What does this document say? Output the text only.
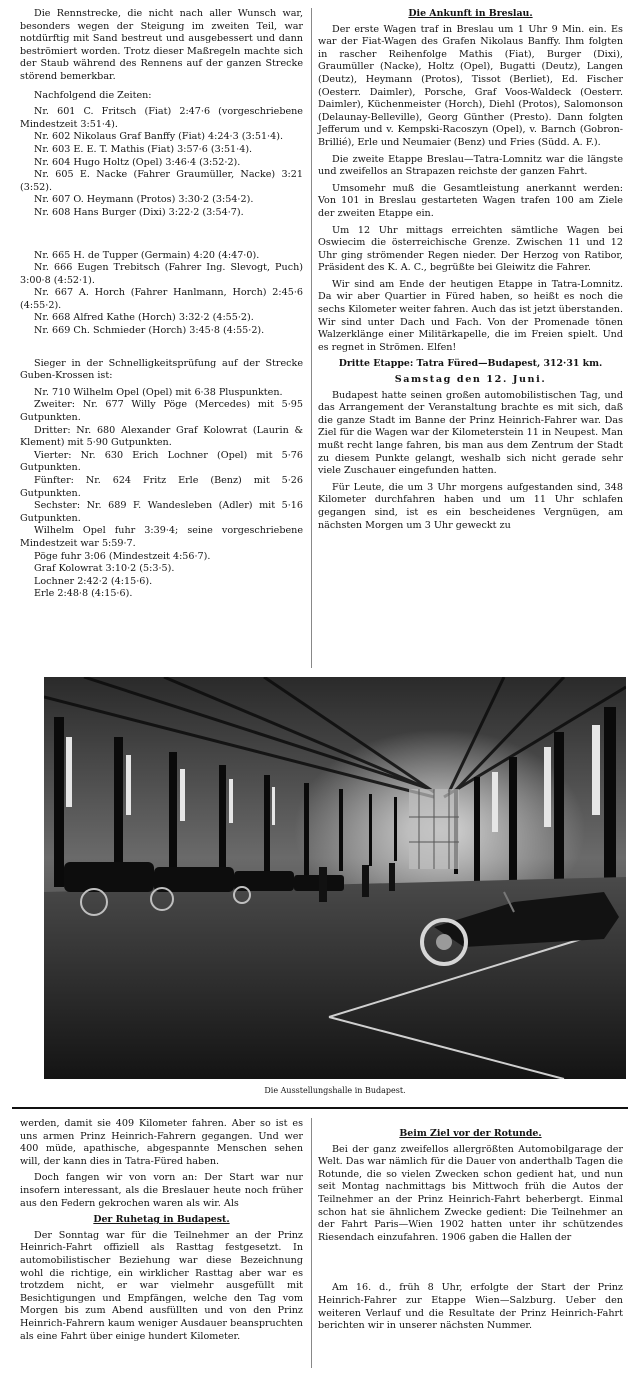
Die Rennstrecke, die nicht nach aller Wunsch war, besonders wegen der Steigung im zweiten Teil, war notdürftig mit Sand bestreut und ausgebessert und dann beströmiert worden. Trotz dieser Maßregeln machte sich der Staub während des Rennens auf der ganzen Strecke störend bemerkbar.

Nachfolgend die Zeiten:

Nr. 601 C. Fritsch (Fiat) 2:47·6 (vorgeschriebene Mindestzeit 3:51·4).

Nr. 602 Nikolaus Graf Banffy (Fiat) 4:24·3 (3:51·4).

Nr. 603 E. E. T. Mathis (Fiat) 3:57·6 (3:51·4).

Nr. 604 Hugo Holtz (Opel) 3:46·4 (3:52·2).

Nr. 605 E. Nacke (Fahrer Graumüller, Nacke) 3:21 (3:52).

Nr. 607 O. Heymann (Protos) 3:30·2 (3:54·2).

Nr. 608 Hans Burger (Dixi) 3:22·2 (3:54·7).

Nr. 665 H. de Tupper (Germain) 4:20 (4:47·0).

Nr. 666 Eugen Trebitsch (Fahrer Ing. Slevogt, Puch) 3:00·8 (4:52·1).

Nr. 667 A. Horch (Fahrer Hanlmann, Horch) 2:45·6 (4:55·2).

Nr. 668 Alfred Kathe (Horch) 3:32·2 (4:55·2).

Nr. 669 Ch. Schmieder (Horch) 3:45·8 (4:55·2).

Sieger in der Schnelligkeitsprüfung auf der Strecke Guben-Krossen ist:

Nr. 710 Wilhelm Opel (Opel) mit 6·38 Pluspunkten.

Zweiter: Nr. 677 Willy Pöge (Mercedes) mit 5·95 Gutpunkten.

Dritter: Nr. 680 Alexander Graf Kolowrat (Laurin & Klement) mit 5·90 Gutpunkten.

Vierter: Nr. 630 Erich Lochner (Opel) mit 5·76 Gutpunkten.

Fünfter: Nr. 624 Fritz Erle (Benz) mit 5·26 Gutpunkten.

Sechster: Nr. 689 F. Wandesleben (Adler) mit 5·16 Gutpunkten.

Wilhelm Opel fuhr 3:39·4; seine vorgeschriebene Mindestzeit war 5:59·7.

Pöge fuhr 3:06 (Mindestzeit 4:56·7).

Graf Kolowrat 3:10·2 (5:3·5).

Lochner 2:42·2 (4:15·6).

Erle 2:48·8 (4:15·6).

Die Ankunft in Breslau.

Der erste Wagen traf in Breslau um 1 Uhr 9 Min. ein. Es war der Fiat-Wagen des Grafen Nikolaus Banffy. Ihm folgten in rascher Reihenfolge Mathis (Fiat), Burger (Dixi), Graumüller (Nacke), Holtz (Opel), Bugatti (Deutz), Langen (Deutz), Heymann (Protos), Tissot (Berliet), Ed. Fischer (Oesterr. Daimler), Porsche, Graf Voos-Waldeck (Oesterr. Daimler), Küchenmeister (Horch), Diehl (Protos), Salomonson (Delaunay-Belleville), Georg Günther (Presto). Dann folgten Jefferum und v. Kempski-Racoszyn (Opel), v. Barnch (Gobron-Brillié), Erle und Neumaier (Benz) und Fries (Südd. A. F.).

Die zweite Etappe Breslau—Tatra-Lomnitz war die längste und zweifellos an Strapazen reichste der ganzen Fahrt.

Umsomehr muß die Gesamtleistung anerkannt werden: Von 101 in Breslau gestarteten Wagen trafen 100 am Ziele der zweiten Etappe ein.

Um 12 Uhr mittags erreichten sämtliche Wagen bei Oswiecim die österreichische Grenze. Zwischen 11 und 12 Uhr ging strömender Regen nieder. Der Herzog von Ratibor, Präsident des K. A. C., begrüßte bei Gleiwitz die Fahrer.

Wir sind am Ende der heutigen Etappe in Tatra-Lomnitz. Da wir aber Quartier in Füred haben, so heißt es noch die sechs Kilometer weiter fahren. Auch das ist jetzt überstanden. Wir sind unter Dach und Fach. Von der Promenade tönen Walzerklänge einer Militärkapelle, die im Freien spielt. Und es regnet in Strömen. Elfen!

Dritte Etappe: Tatra Füred—Budapest, 312·31 km.
Samstag den 12. Juni.

Budapest hatte seinen großen automobilistischen Tag, und das Arrangement der Veranstaltung brachte es mit sich, daß die ganze Stadt im Banne der Prinz Heinrich-Fahrer war. Das Ziel für die Wagen war der Kilometerstein 11 in Neupest. Man mußt recht lange fahren, bis man aus dem Zentrum der Stadt zu diesem Punkte gelangt, weshalb sich nicht gerade sehr viele Zuschauer eingefunden hatten.

Für Leute, die um 3 Uhr morgens aufgestanden sind, 348 Kilometer durchfahren haben und um 11 Uhr schlafen gegangen sind, ist es ein bescheidenes Vergnügen, am nächsten Morgen um 3 Uhr geweckt zu

Die Ausstellungshalle in Budapest.

werden, damit sie 409 Kilometer fahren. Aber so ist es uns armen Prinz Heinrich-Fahrern gegangen. Und wer 400 müde, apathische, abgespannte Menschen sehen will, der kann dies in Tatra-Füred haben.

Doch fangen wir von vorn an: Der Start war nur insofern interessant, als die Breslauer heute noch früher aus den Federn gekrochen waren als wir. Als

Der Ruhetag in Budapest.

Der Sonntag war für die Teilnehmer an der Prinz Heinrich-Fahrt offiziell als Rasttag festgesetzt. In automobilistischer Beziehung war diese Bezeichnung wohl die richtige, ein wirklicher Rasttag aber war es trotzdem nicht, er war vielmehr ausgefüllt mit Besichtigungen und Empfängen, welche den Tag vom Morgen bis zum Abend ausfüllten und von den Prinz Heinrich-Fahrern kaum weniger Ausdauer beanspruchten als eine Fahrt über einige hundert Kilometer.

Beim Ziel vor der Rotunde.

Bei der ganz zweifellos allergrößten Automobilgarage der Welt. Das war nämlich für die Dauer von anderthalb Tagen die Rotunde, die so vielen Zwecken schon gedient hat, und nun seit Montag nachmittags bis Mittwoch früh die Autos der Teilnehmer an der Prinz Heinrich-Fahrt beherbergt. Einmal schon hat sie ähnlichem Zwecke gedient: Die Teilnehmer an der Fahrt Paris—Wien 1902 hatten unter ihr schützendes Riesendach einzufahren. 1906 gaben die Hallen der

Am 16. d., früh 8 Uhr, erfolgte der Start der Prinz Heinrich-Fahrer zur Etappe Wien—Salzburg. Ueber den weiteren Verlauf und die Resultate der Prinz Heinrich-Fahrt berichten wir in unserer nächsten Nummer.
